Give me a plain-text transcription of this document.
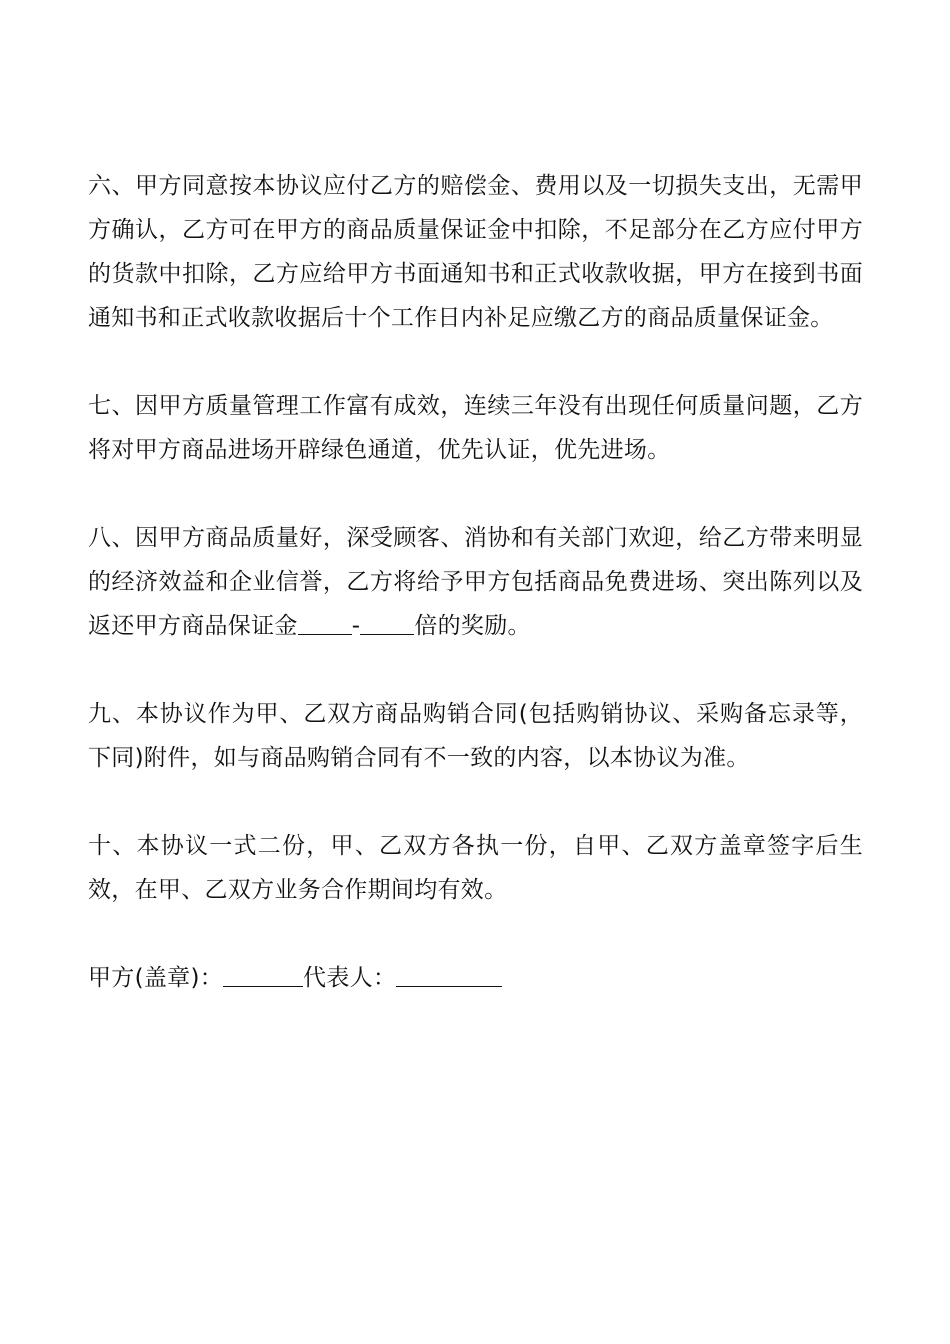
六、甲方同意按本协议应付乙方的赔偿金、费用以及一切损失支出，无需甲方确认，乙方可在甲方的商品质量保证金中扣除，不足部分在乙方应付甲方的货款中扣除，乙方应给甲方书面通知书和正式收款收据，甲方在接到书面通知书和正式收款收据后十个工作日内补足应缴乙方的商品质量保证金。

七、因甲方质量管理工作富有成效，连续三年没有出现任何质量问题，乙方将对甲方商品进场开辟绿色通道，优先认证，优先进场。

八、因甲方商品质量好，深受顾客、消协和有关部门欢迎，给乙方带来明显的经济效益和企业信誉，乙方将给予甲方包括商品免费进场、突出陈列以及返还甲方商品保证金 - 倍的奖励。

九、本协议作为甲、乙双方商品购销合同(包括购销协议、采购备忘录等，下同)附件，如与商品购销合同有不一致的内容，以本协议为准。

十、本协议一式二份，甲、乙双方各执一份，自甲、乙双方盖章签字后生效，在甲、乙双方业务合作期间均有效。

甲方(盖章)：	代表人：
